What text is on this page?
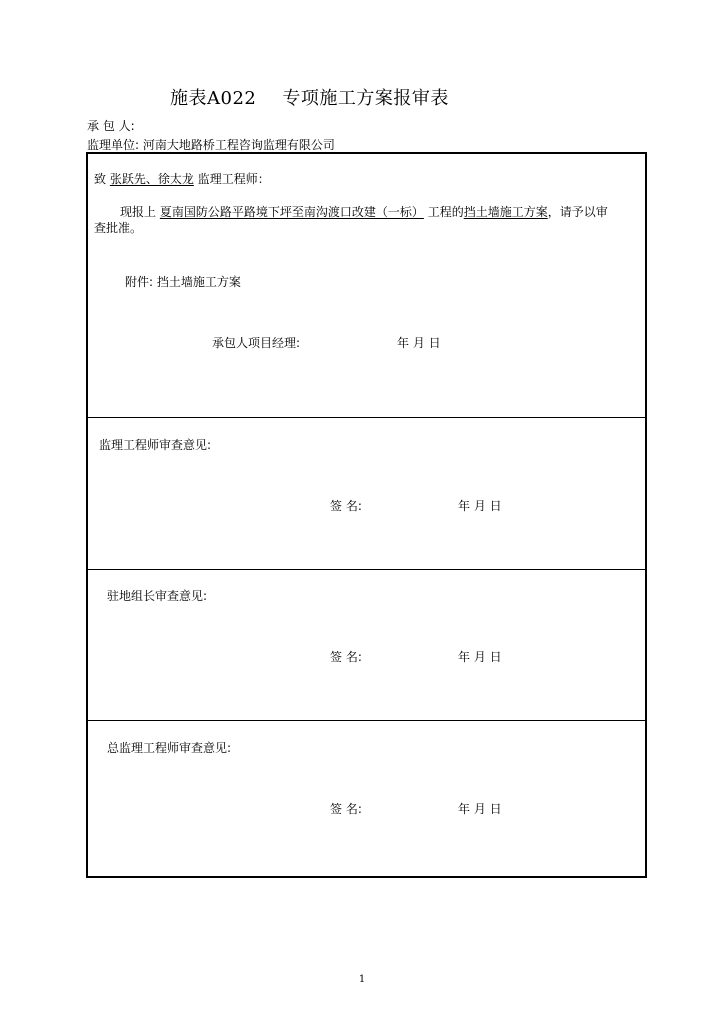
施表A022 专项施工方案报审表
承 包 人:
监理单位: 河南大地路桥工程咨询监理有限公司
致 张跃先、徐太龙 监理工程师：
现报上 夏南国防公路平路境下坪至南沟渡口改建（一标） 工程的挡土墙施工方案，请予以审
查批准。
附件: 挡土墙施工方案
承包人项目经理:	年 月 日
监理工程师审查意见:
签 名:	年 月 日
驻地组长审查意见:
签 名:	年 月 日
总监理工程师审查意见:
签 名:	年 月 日
1
